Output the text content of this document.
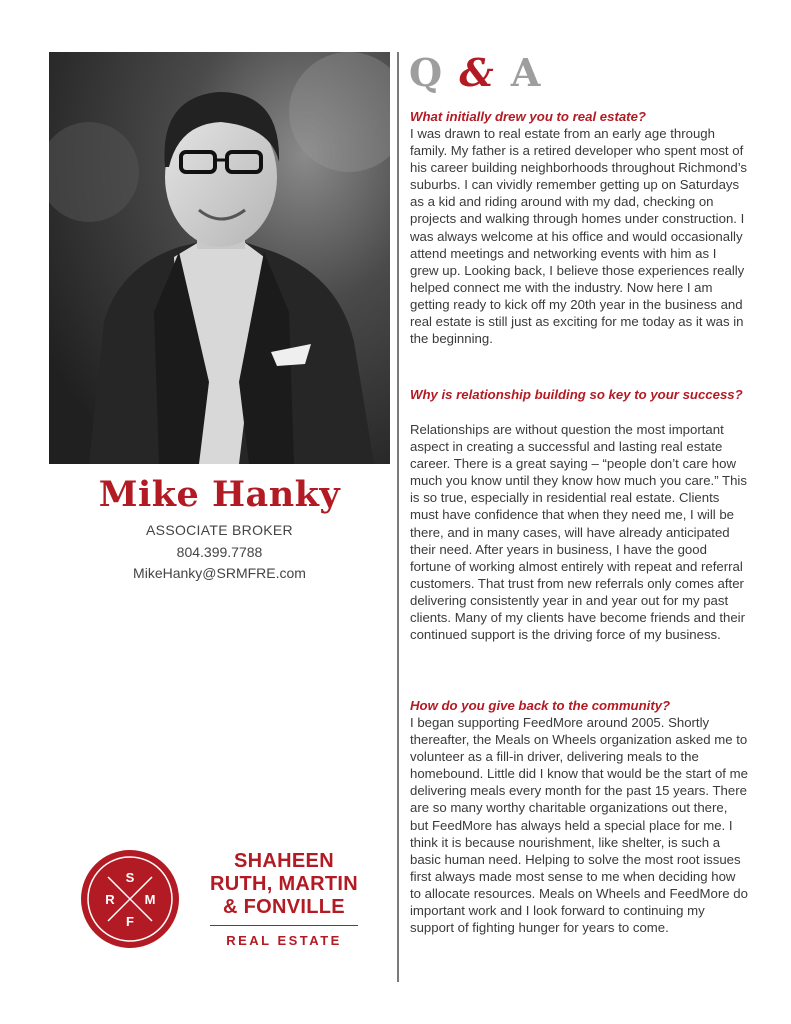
Mike Hanky
ASSOCIATE BROKER
804.399.7788
MikeHanky@SRMFRE.com
Q & A
What initially drew you to real estate?

I was drawn to real estate from an early age through family. My father is a retired developer who spent most of his career building neighborhoods throughout Richmond’s suburbs. I can vividly remember getting up on Saturdays as a kid and riding around with my dad, checking on projects and walking through homes under construction. I was always welcome at his office and would occasionally attend meetings and networking events with him as I grew up. Looking back, I believe those experiences really helped connect me with the industry. Now here I am getting ready to kick off my 20th year in the business and real estate is still just as exciting for me today as it was in the beginning.

Why is relationship building so key to your success?

Relationships are without question the most important aspect in creating a successful and lasting real estate career. There is a great saying – “people don’t care how much you know until they know how much you care.” This is so true, especially in residential real estate. Clients must have confidence that when they need me, I will be there, and in many cases, will have already anticipated their need. After years in business, I have the good fortune of working almost entirely with repeat and referral customers. That trust from new referrals only comes after delivering consistently year in and year out for my past clients. Many of my clients have become friends and their continued support is the driving force of my business.

How do you give back to the community?

I began supporting FeedMore around 2005. Shortly thereafter, the Meals on Wheels organization asked me to volunteer as a fill-in driver, delivering meals to the homebound. Little did I know that would be the start of me delivering meals every month for the past 15 years. There are so many worthy charitable organizations out there, but FeedMore has always held a special place for me. I think it is because nourishment, like shelter, is such a basic human need. Helping to solve the most root issues first always made most sense to me when deciding how to allocate resources. Meals on Wheels and FeedMore do important work and I look forward to continuing my support of fighting hunger for years to come.

S
R M
F
SHAHEEN
RUTH, MARTIN
& FONVILLE
REAL ESTATE
